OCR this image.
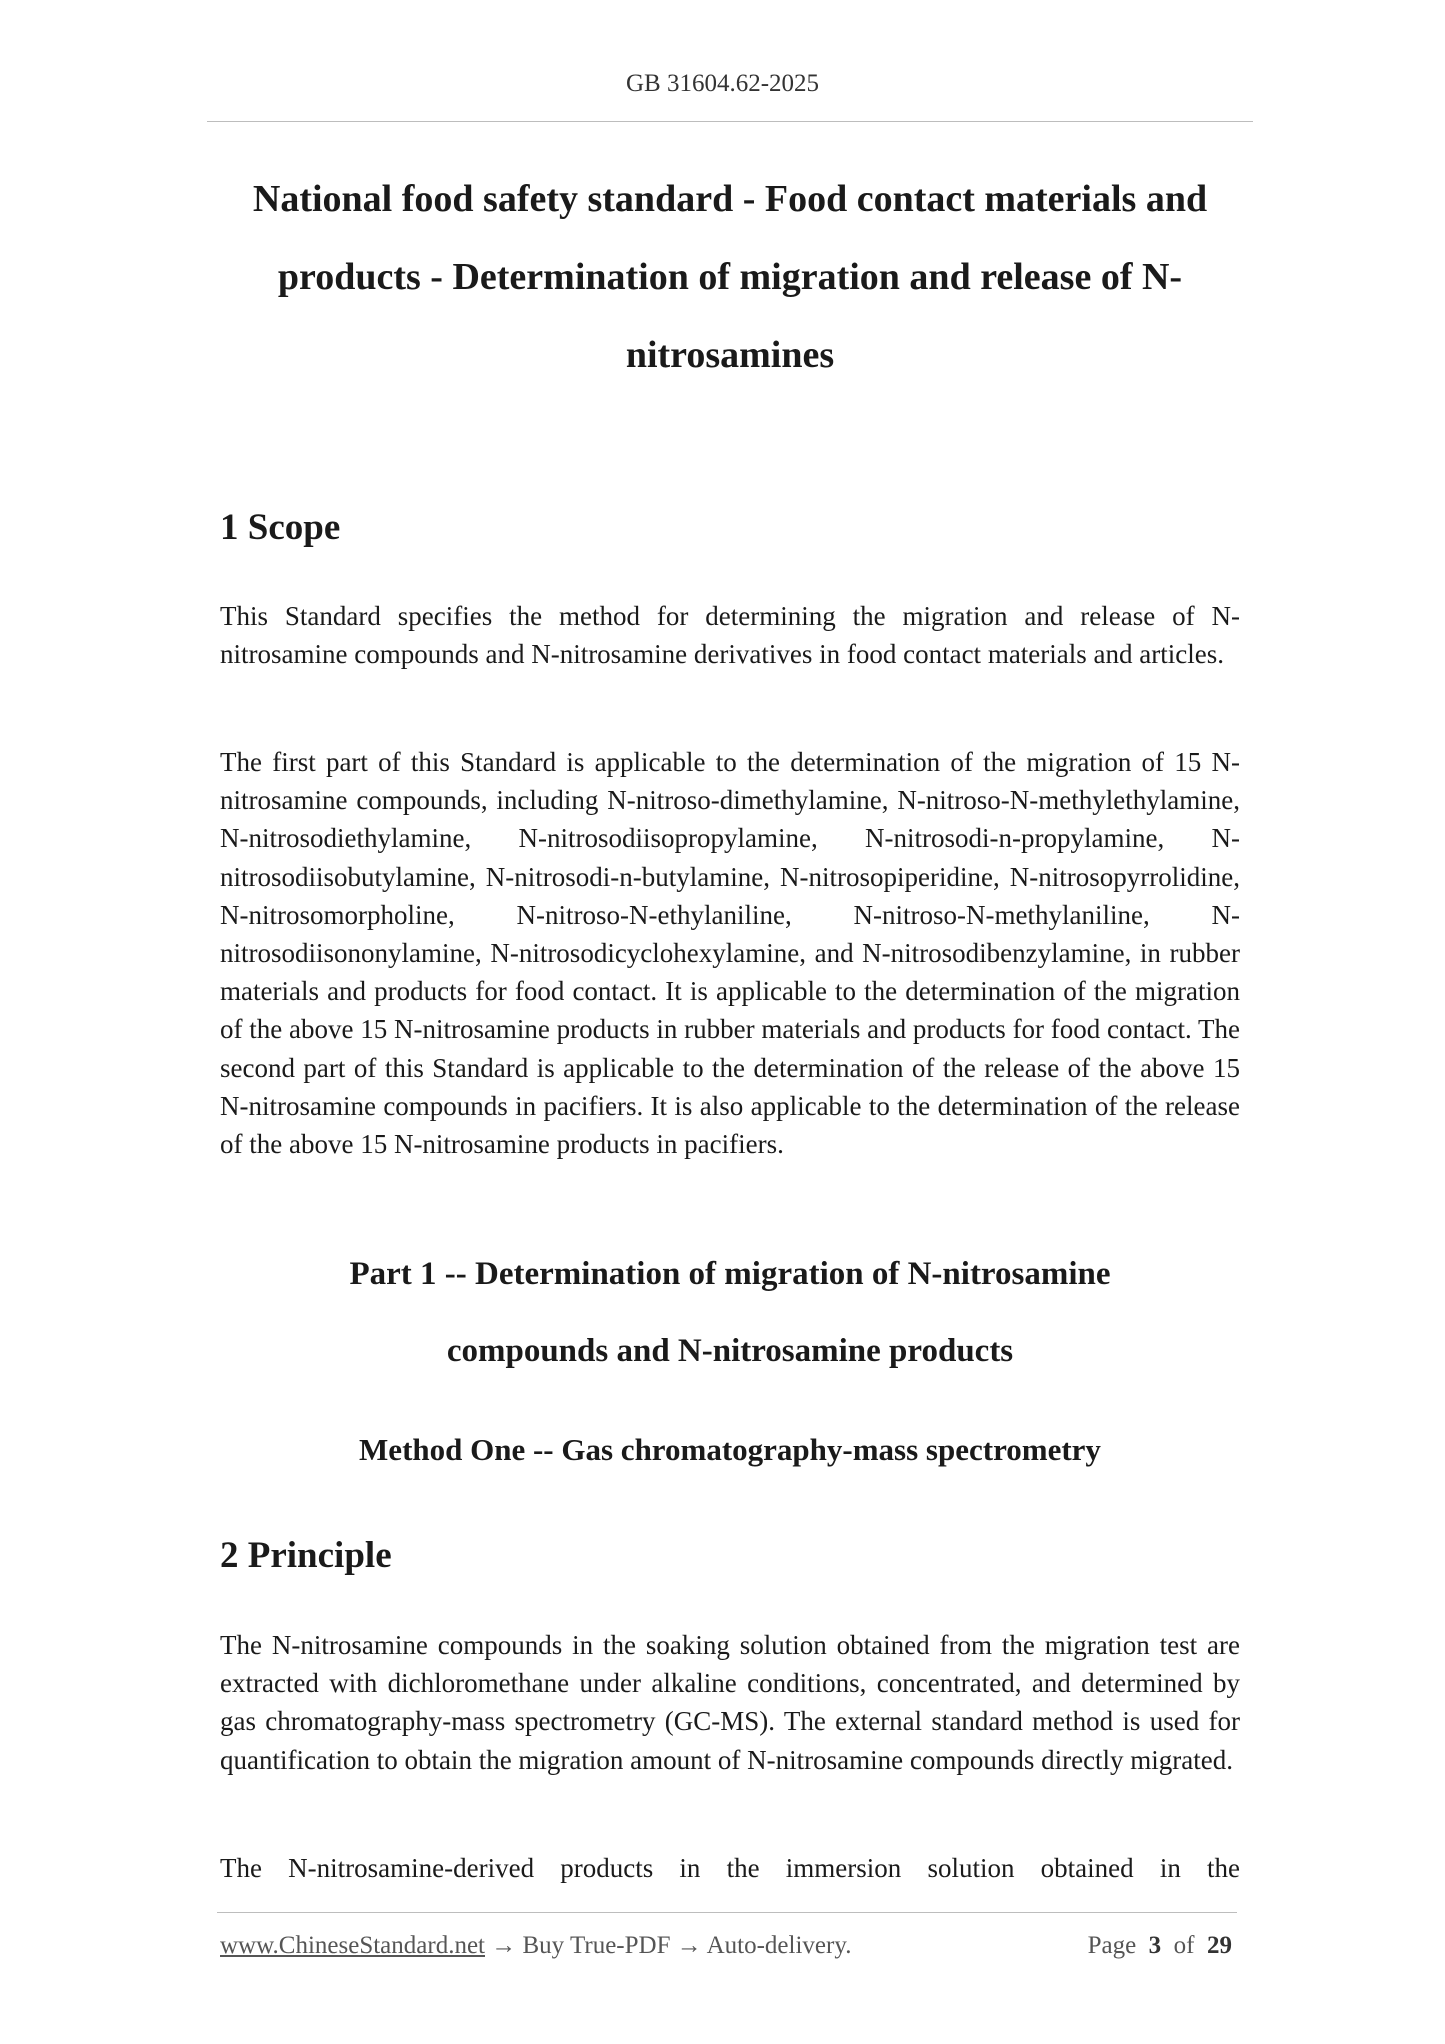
GB 31604.62-2025
National food safety standard - Food contact materials and
products - Determination of migration and release of N-
nitrosamines
1 Scope

This Standard specifies the method for determining the migration and release of N-nitrosamine compounds and N-nitrosamine derivatives in food contact materials and articles.

The first part of this Standard is applicable to the determination of the migration of 15 N-nitrosamine compounds, including N-nitroso-dimethylamine, N-nitroso-N-methylethylamine, N-nitrosodiethylamine, N-nitrosodiisopropylamine, N-nitrosodi-n-propylamine, N-nitrosodiisobutylamine, N-nitrosodi-n-butylamine, N-nitrosopiperidine, N-nitrosopyrrolidine, N-nitrosomorpholine, N-nitroso-N-ethylaniline, N-nitroso-N-methylaniline, N-nitrosodiisononylamine, N-nitrosodicyclohexylamine, and N-nitrosodibenzylamine, in rubber materials and products for food contact. It is applicable to the determination of the migration of the above 15 N-nitrosamine products in rubber materials and products for food contact. The second part of this Standard is applicable to the determination of the release of the above 15 N-nitrosamine compounds in pacifiers. It is also applicable to the determination of the release of the above 15 N-nitrosamine products in pacifiers.

Part 1 -- Determination of migration of N-nitrosamine
compounds and N-nitrosamine products
Method One -- Gas chromatography-mass spectrometry
2 Principle

The N-nitrosamine compounds in the soaking solution obtained from the migration test are extracted with dichloromethane under alkaline conditions, concentrated, and determined by gas chromatography-mass spectrometry (GC-MS). The external standard method is used for quantification to obtain the migration amount of N-nitrosamine compounds directly migrated.

The N-nitrosamine-derived products in the immersion solution obtained in the

www.ChineseStandard.net → Buy True-PDF → Auto-delivery.	Page 3 of 29
